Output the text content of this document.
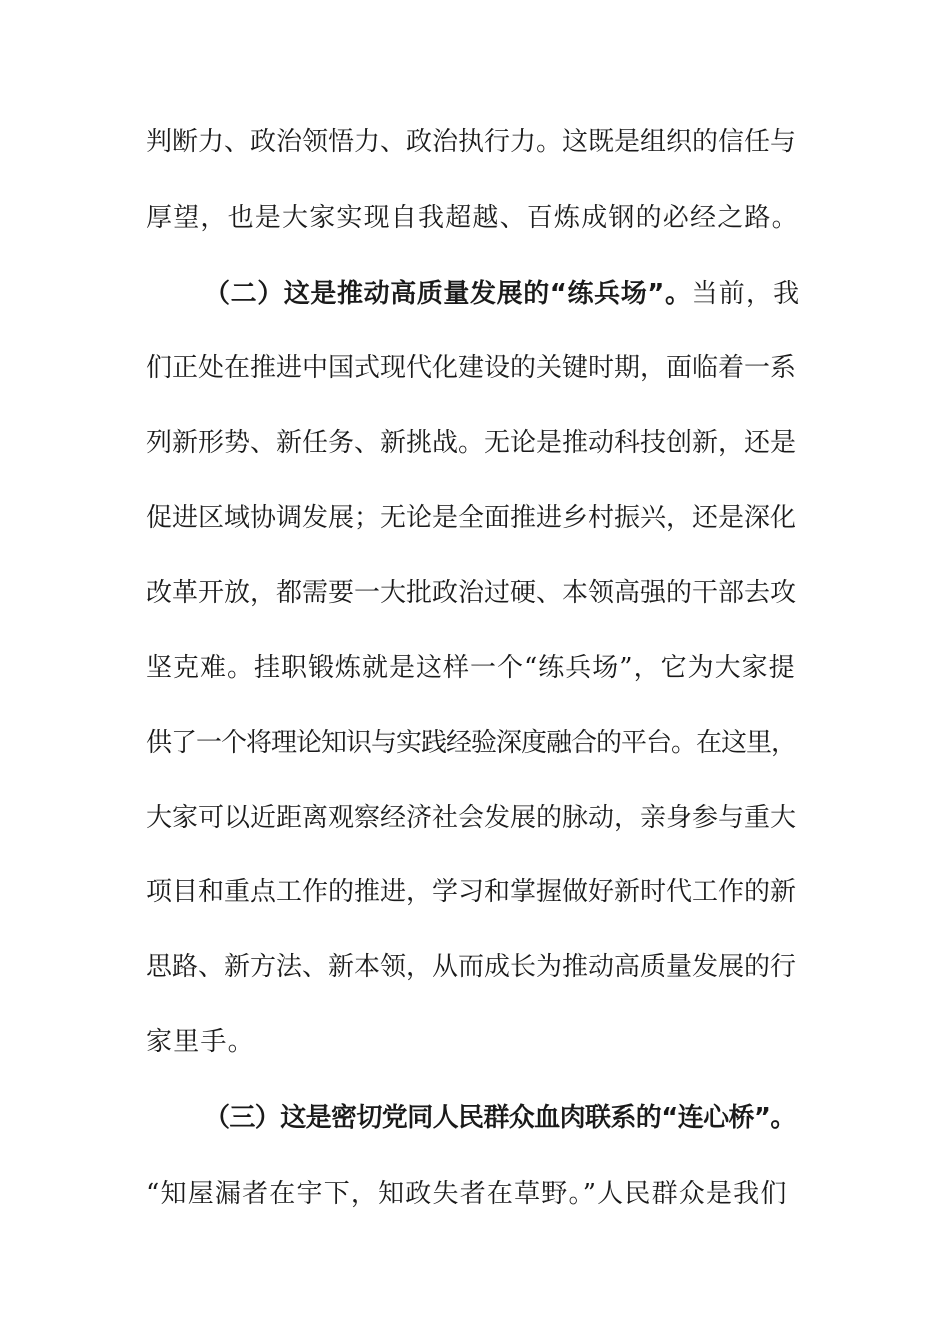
判断力、政治领悟力、政治执行力。这既是组织的信任与
厚望，也是大家实现自我超越、百炼成钢的必经之路。
（二）这是推动高质量发展的“练兵场”。当前，我
们正处在推进中国式现代化建设的关键时期，面临着一系
列新形势、新任务、新挑战。无论是推动科技创新，还是
促进区域协调发展；无论是全面推进乡村振兴，还是深化
改革开放，都需要一大批政治过硬、本领高强的干部去攻
坚克难。挂职锻炼就是这样一个“练兵场”，它为大家提
供了一个将理论知识与实践经验深度融合的平台。在这里，
大家可以近距离观察经济社会发展的脉动，亲身参与重大
项目和重点工作的推进，学习和掌握做好新时代工作的新
思路、新方法、新本领，从而成长为推动高质量发展的行
家里手。
（三）这是密切党同人民群众血肉联系的“连心桥”。
“知屋漏者在宇下，知政失者在草野。”人民群众是我们
